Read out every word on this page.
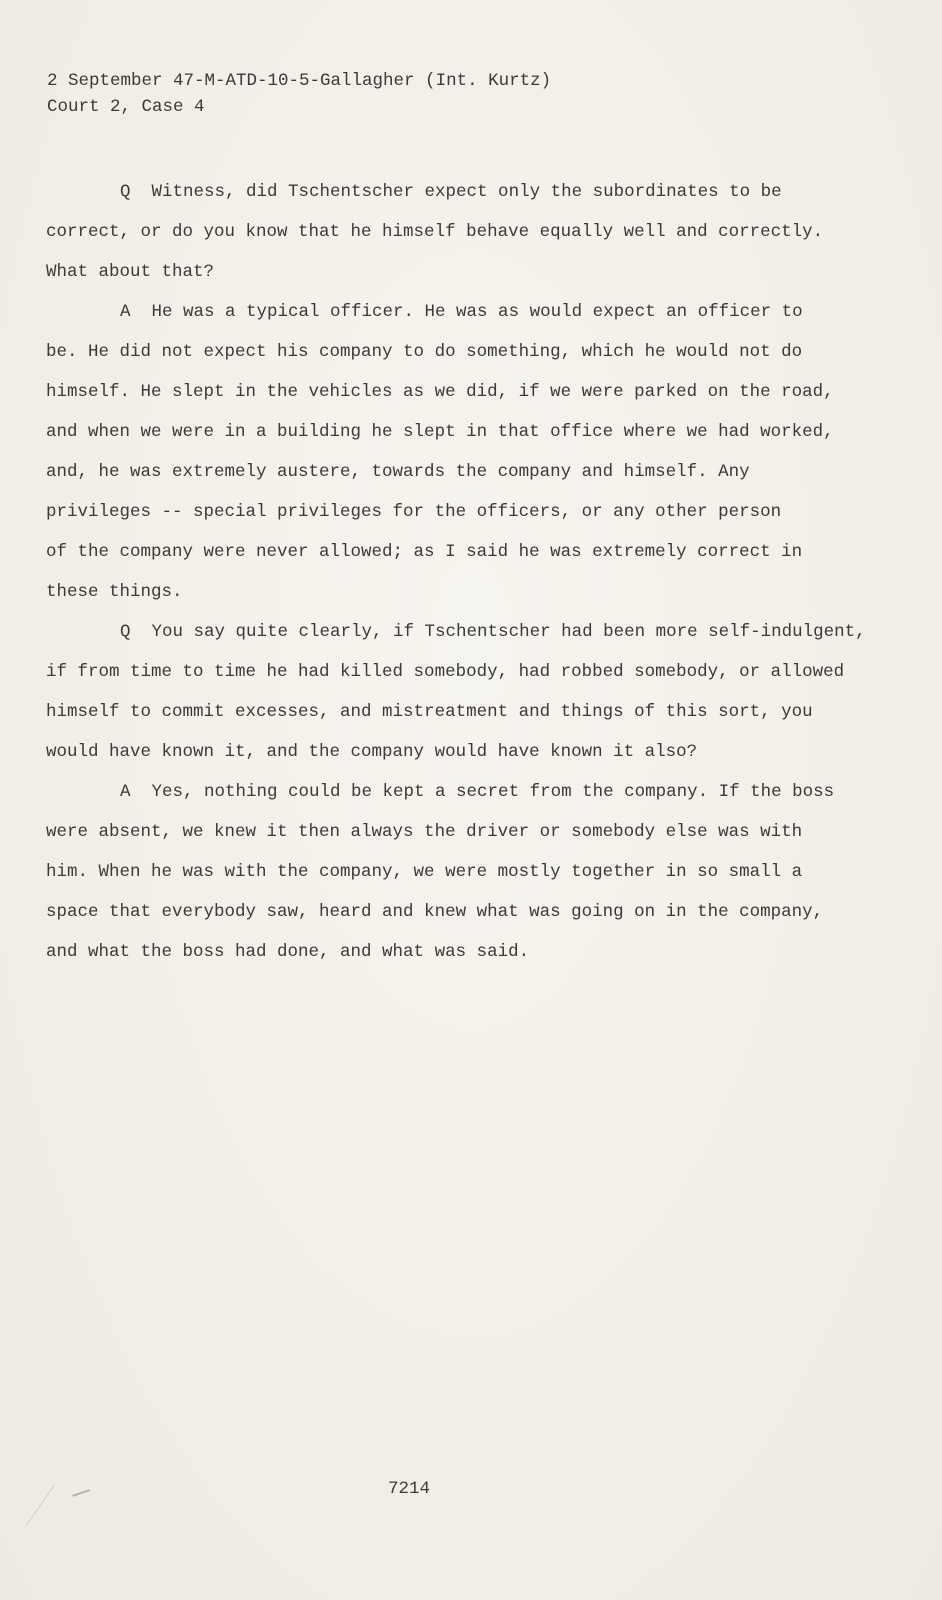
2 September 47-M-ATD-10-5-Gallagher (Int. Kurtz)
Court 2, Case 4
Q  Witness, did Tschentscher expect only the subordinates to be
correct, or do you know that he himself behave equally well and correctly.
What about that?
A  He was a typical officer. He was as would expect an officer to
be. He did not expect his company to do something, which he would not do
himself. He slept in the vehicles as we did, if we were parked on the road,
and when we were in a building he slept in that office where we had worked,
and, he was extremely austere, towards the company and himself. Any
privileges -- special privileges for the officers, or any other person
of the company were never allowed; as I said he was extremely correct in
these things.
Q  You say quite clearly, if Tschentscher had been more self-indulgent,
if from time to time he had killed somebody, had robbed somebody, or allowed
himself to commit excesses, and mistreatment and things of this sort, you
would have known it, and the company would have known it also?
A  Yes, nothing could be kept a secret from the company. If the boss
were absent, we knew it then always the driver or somebody else was with
him. When he was with the company, we were mostly together in so small a
space that everybody saw, heard and knew what was going on in the company,
and what the boss had done, and what was said.
7214
